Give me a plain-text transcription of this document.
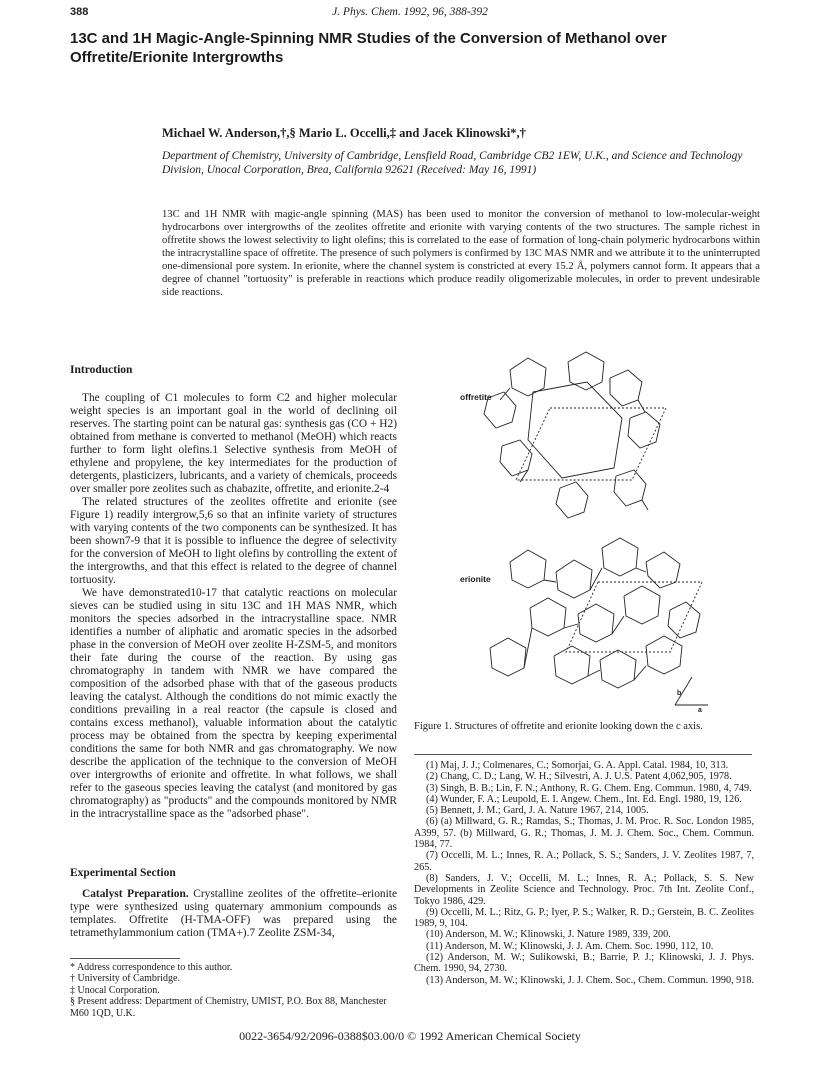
388	J. Phys. Chem. 1992, 96, 388-392
13C and 1H Magic-Angle-Spinning NMR Studies of the Conversion of Methanol over Offretite/Erionite Intergrowths
Michael W. Anderson,†,§ Mario L. Occelli,‡ and Jacek Klinowski*,†
Department of Chemistry, University of Cambridge, Lensfield Road, Cambridge CB2 1EW, U.K., and Science and Technology Division, Unocal Corporation, Brea, California 92621 (Received: May 16, 1991)
13C and 1H NMR with magic-angle spinning (MAS) has been used to monitor the conversion of methanol to low-molecular-weight hydrocarbons over intergrowths of the zeolites offretite and erionite with varying contents of the two structures. The sample richest in offretite shows the lowest selectivity to light olefins; this is correlated to the ease of formation of long-chain polymeric hydrocarbons within the intracrystalline space of offretite. The presence of such polymers is confirmed by 13C MAS NMR and we attribute it to the uninterrupted one-dimensional pore system. In erionite, where the channel system is constricted at every 15.2 Å, polymers cannot form. It appears that a degree of channel "tortuosity" is preferable in reactions which produce readily oligomerizable molecules, in order to prevent undesirable side reactions.
Introduction

The coupling of C1 molecules to form C2 and higher molecular weight species is an important goal in the world of declining oil reserves. The starting point can be natural gas: synthesis gas (CO + H2) obtained from methane is converted to methanol (MeOH) which reacts further to form light olefins.1 Selective synthesis from MeOH of ethylene and propylene, the key intermediates for the production of detergents, plasticizers, lubricants, and a variety of chemicals, proceeds over smaller pore zeolites such as chabazite, offretite, and erionite.2-4

The related structures of the zeolites offretite and erionite (see Figure 1) readily intergrow,5,6 so that an infinite variety of structures with varying contents of the two components can be synthesized. It has been shown7-9 that it is possible to influence the degree of selectivity for the conversion of MeOH to light olefins by controlling the extent of the intergrowths, and that this effect is related to the degree of channel tortuosity.

We have demonstrated10-17 that catalytic reactions on molecular sieves can be studied using in situ 13C and 1H MAS NMR, which monitors the species adsorbed in the intracrystalline space. NMR identifies a number of aliphatic and aromatic species in the adsorbed phase in the conversion of MeOH over zeolite H-ZSM-5, and monitors their fate during the course of the reaction. By using gas chromatography in tandem with NMR we have compared the composition of the adsorbed phase with that of the gaseous products leaving the catalyst. Although the conditions do not mimic exactly the conditions prevailing in a real reactor (the capsule is closed and contains excess methanol), valuable information about the catalytic process may be obtained from the spectra by keeping experimental conditions the same for both NMR and gas chromatography. We now describe the application of the technique to the conversion of MeOH over intergrowths of erionite and offretite. In what follows, we shall refer to the gaseous species leaving the catalyst (and monitored by gas chromatography) as "products" and the compounds monitored by NMR in the intracrystalline space as the "adsorbed phase".

Experimental Section

Catalyst Preparation. Crystalline zeolites of the offretite–erionite type were synthesized using quaternary ammonium compounds as templates. Offretite (H-TMA-OFF) was prepared using the tetramethylammonium cation (TMA+).7 Zeolite ZSM-34,

* Address correspondence to this author.
† University of Cambridge.
‡ Unocal Corporation.
§ Present address: Department of Chemistry, UMIST, P.O. Box 88, Manchester M60 1QD, U.K.
offretite
erionite
b
a
Figure 1. Structures of offretite and erionite looking down the c axis.
(1) Maj, J. J.; Colmenares, C.; Somorjai, G. A. Appl. Catal. 1984, 10, 313.
(2) Chang, C. D.; Lang, W. H.; Silvestri, A. J. U.S. Patent 4,062,905, 1978.
(3) Singh, B. B.; Lin, F. N.; Anthony, R. G. Chem. Eng. Commun. 1980, 4, 749.
(4) Wunder, F. A.; Leupold, E. I. Angew. Chem., Int. Ed. Engl. 1980, 19, 126.
(5) Bennett, J. M.; Gard, J. A. Nature 1967, 214, 1005.
(6) (a) Millward, G. R.; Ramdas, S.; Thomas, J. M. Proc. R. Soc. London 1985, A399, 57. (b) Millward, G. R.; Thomas, J. M. J. Chem. Soc., Chem. Commun. 1984, 77.
(7) Occelli, M. L.; Innes, R. A.; Pollack, S. S.; Sanders, J. V. Zeolites 1987, 7, 265.
(8) Sanders, J. V.; Occelli, M. L.; Innes, R. A.; Pollack, S. S. New Developments in Zeolite Science and Technology. Proc. 7th Int. Zeolite Conf., Tokyo 1986, 429.
(9) Occelli, M. L.; Ritz, G. P.; Iyer, P. S.; Walker, R. D.; Gerstein, B. C. Zeolites 1989, 9, 104.
(10) Anderson, M. W.; Klinowski, J. Nature 1989, 339, 200.
(11) Anderson, M. W.; Klinowski, J. J. Am. Chem. Soc. 1990, 112, 10.
(12) Anderson, M. W.; Sulikowski, B.; Barrie, P. J.; Klinowski, J. J. Phys. Chem. 1990, 94, 2730.
(13) Anderson, M. W.; Klinowski, J. J. Chem. Soc., Chem. Commun. 1990, 918.
0022-3654/92/2096-0388$03.00/0 © 1992 American Chemical Society
